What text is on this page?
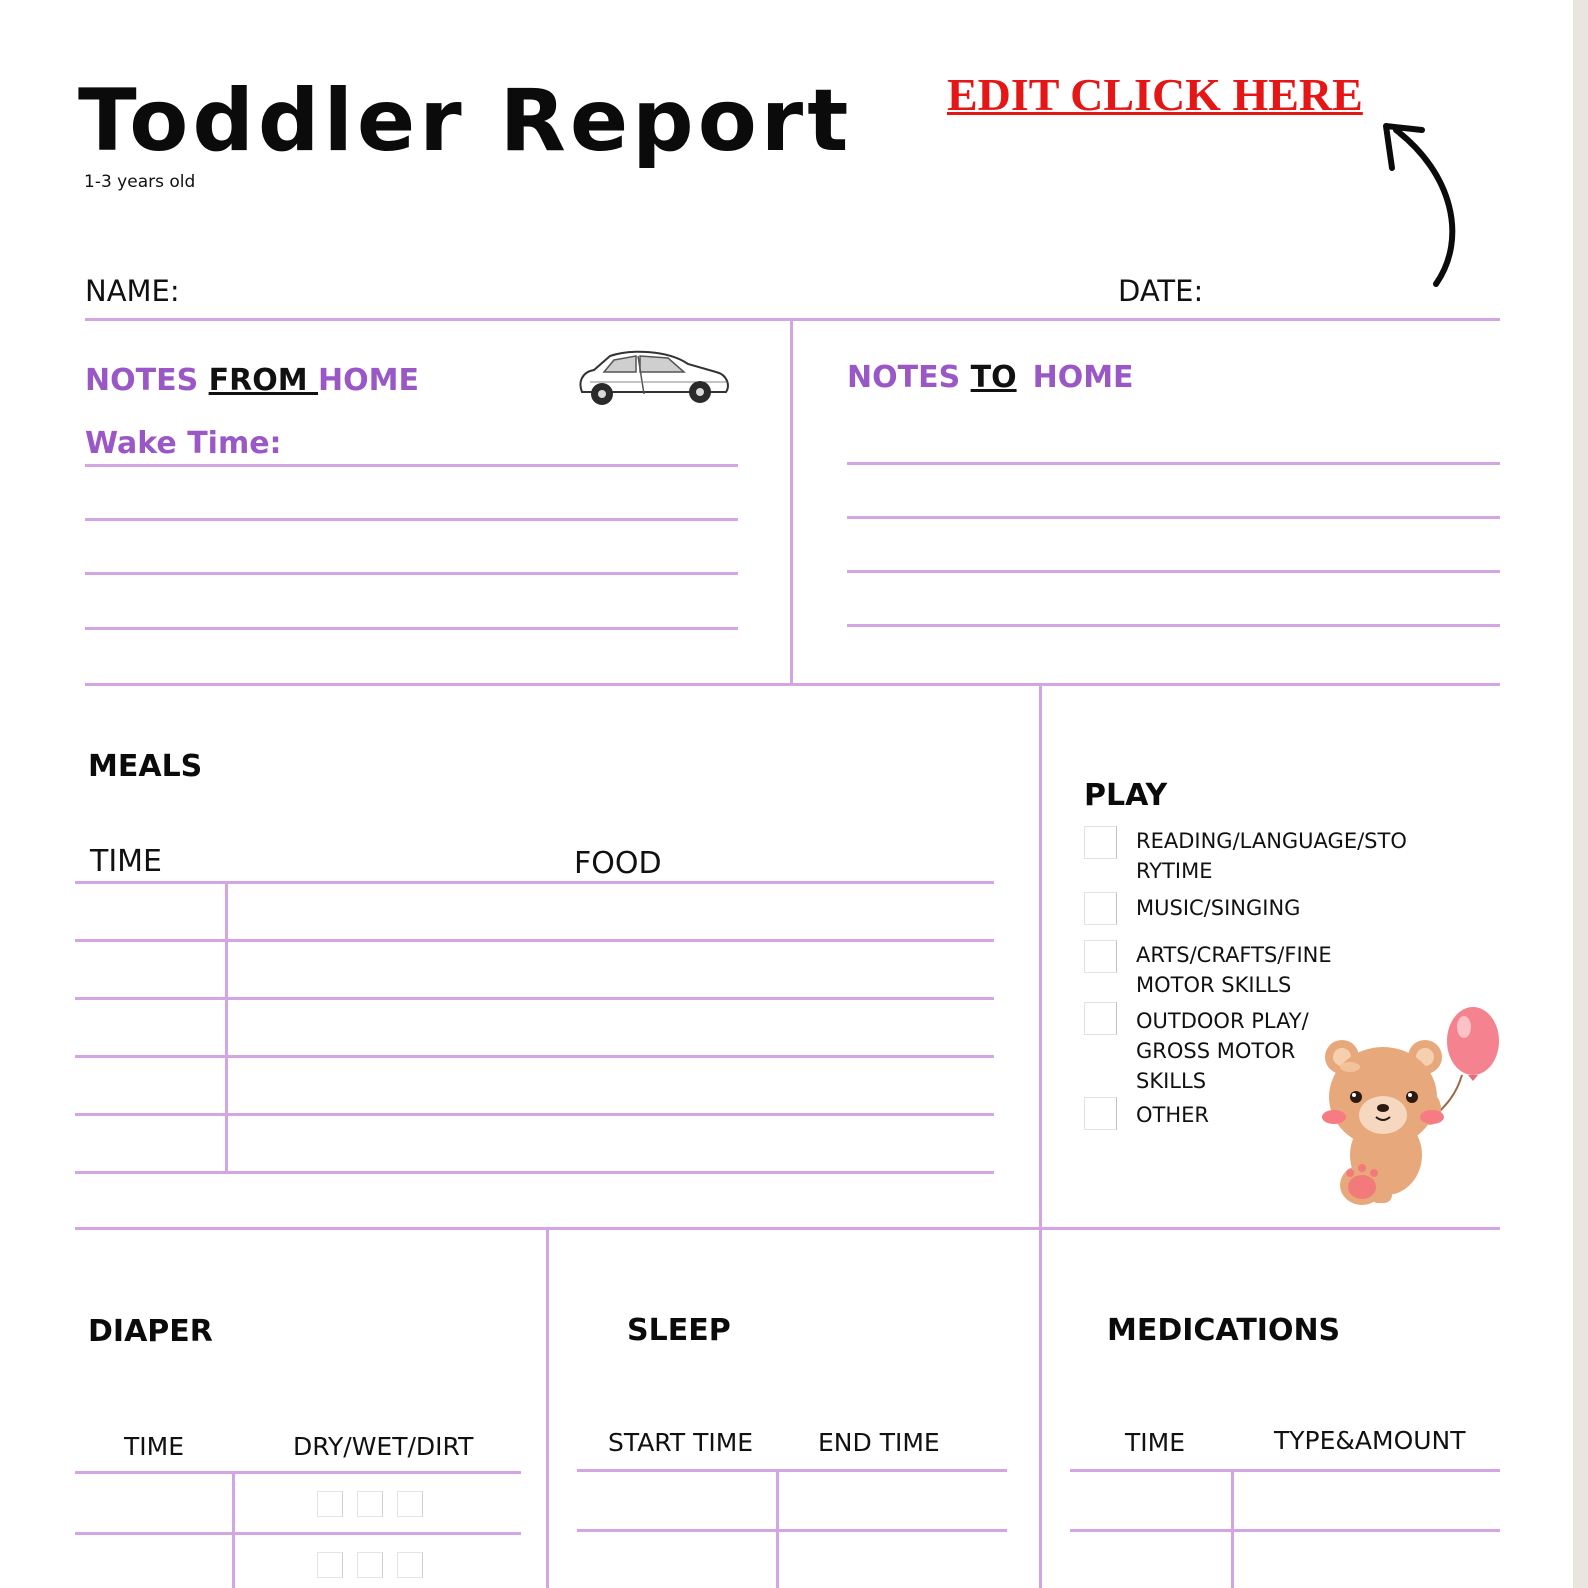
Toddler Report
1-3 years old
EDIT CLICK HERE
NAME:	DATE:
NOTES FROM HOME
Wake Time:
NOTES TO HOME
MEALS
TIME	FOOD
PLAY
READING/LANGUAGE/STORYTIME
MUSIC/SINGING
ARTS/CRAFTS/FINE MOTOR SKILLS
OUTDOOR PLAY/ GROSS MOTOR SKILLS
OTHER
DIAPER
TIME	DRY/WET/DIRT
SLEEP
START TIME	END TIME
MEDICATIONS
TIME	TYPE&AMOUNT
